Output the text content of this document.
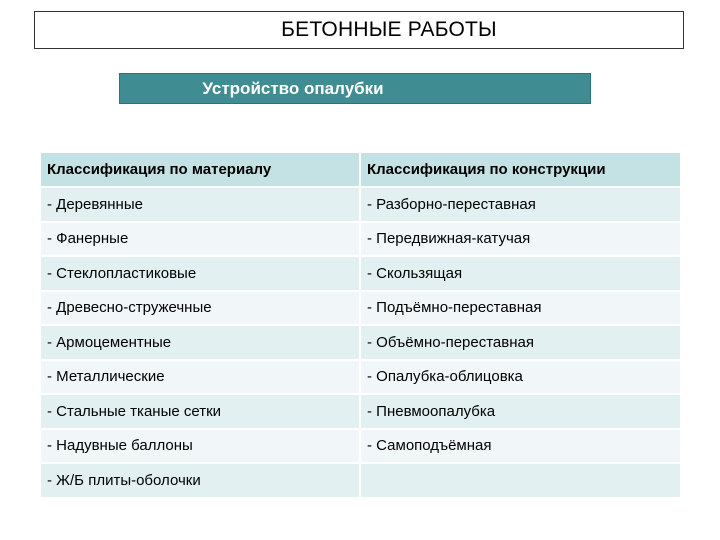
БЕТОННЫЕ РАБОТЫ
Устройство опалубки
Классификация по материалу	Классификация по конструкции
- Деревянные	- Разборно-переставная
- Фанерные	- Передвижная-катучая
- Стеклопластиковые	- Скользящая
- Древесно-стружечные	- Подъёмно-переставная
- Армоцементные	- Объёмно-переставная
- Металлические	- Опалубка-облицовка
- Стальные тканые сетки	- Пневмоопалубка
- Надувные баллоны	- Самоподъёмная
- Ж/Б плиты-оболочки	
